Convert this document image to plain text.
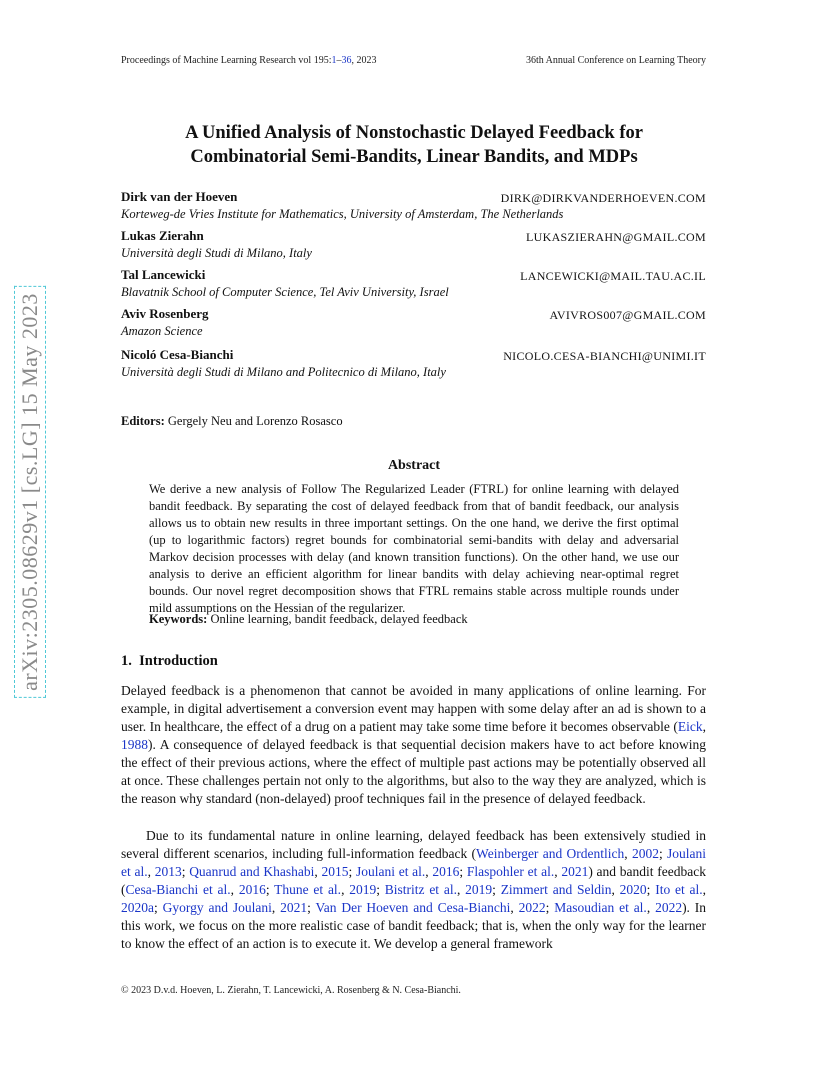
Proceedings of Machine Learning Research vol 195:1–36, 2023	36th Annual Conference on Learning Theory
arXiv:2305.08629v1 [cs.LG] 15 May 2023
A Unified Analysis of Nonstochastic Delayed Feedback for
Combinatorial Semi-Bandits, Linear Bandits, and MDPs
Dirk van der Hoeven	DIRK@DIRKVANDERHOEVEN.COM
Korteweg-de Vries Institute for Mathematics, University of Amsterdam, The Netherlands
Lukas Zierahn	LUKASZIERAHN@GMAIL.COM
Università degli Studi di Milano, Italy
Tal Lancewicki	LANCEWICKI@MAIL.TAU.AC.IL
Blavatnik School of Computer Science, Tel Aviv University, Israel
Aviv Rosenberg	AVIVROS007@GMAIL.COM
Amazon Science
Nicoló Cesa-Bianchi	NICOLO.CESA-BIANCHI@UNIMI.IT
Università degli Studi di Milano and Politecnico di Milano, Italy
Editors: Gergely Neu and Lorenzo Rosasco
Abstract
We derive a new analysis of Follow The Regularized Leader (FTRL) for online learning with delayed bandit feedback. By separating the cost of delayed feedback from that of bandit feedback, our analysis allows us to obtain new results in three important settings. On the one hand, we derive the first optimal (up to logarithmic factors) regret bounds for combinatorial semi-bandits with delay and adversarial Markov decision processes with delay (and known transition functions). On the other hand, we use our analysis to derive an efficient algorithm for linear bandits with delay achieving near-optimal regret bounds. Our novel regret decomposition shows that FTRL remains stable across multiple rounds under mild assumptions on the Hessian of the regularizer.
Keywords: Online learning, bandit feedback, delayed feedback
1. Introduction
Delayed feedback is a phenomenon that cannot be avoided in many applications of online learning. For example, in digital advertisement a conversion event may happen with some delay after an ad is shown to a user. In healthcare, the effect of a drug on a patient may take some time before it becomes observable (Eick, 1988). A consequence of delayed feedback is that sequential decision makers have to act before knowing the effect of their previous actions, where the effect of multiple past actions may be potentially observed all at once. These challenges pertain not only to the algorithms, but also to the way they are analyzed, which is the reason why standard (non-delayed) proof techniques fail in the presence of delayed feedback.
Due to its fundamental nature in online learning, delayed feedback has been extensively studied in several different scenarios, including full-information feedback (Weinberger and Ordentlich, 2002; Joulani et al., 2013; Quanrud and Khashabi, 2015; Joulani et al., 2016; Flaspohler et al., 2021) and bandit feedback (Cesa-Bianchi et al., 2016; Thune et al., 2019; Bistritz et al., 2019; Zimmert and Seldin, 2020; Ito et al., 2020a; Gyorgy and Joulani, 2021; Van Der Hoeven and Cesa-Bianchi, 2022; Masoudian et al., 2022). In this work, we focus on the more realistic case of bandit feedback; that is, when the only way for the learner to know the effect of an action is to execute it. We develop a general framework
© 2023 D.v.d. Hoeven, L. Zierahn, T. Lancewicki, A. Rosenberg & N. Cesa-Bianchi.
